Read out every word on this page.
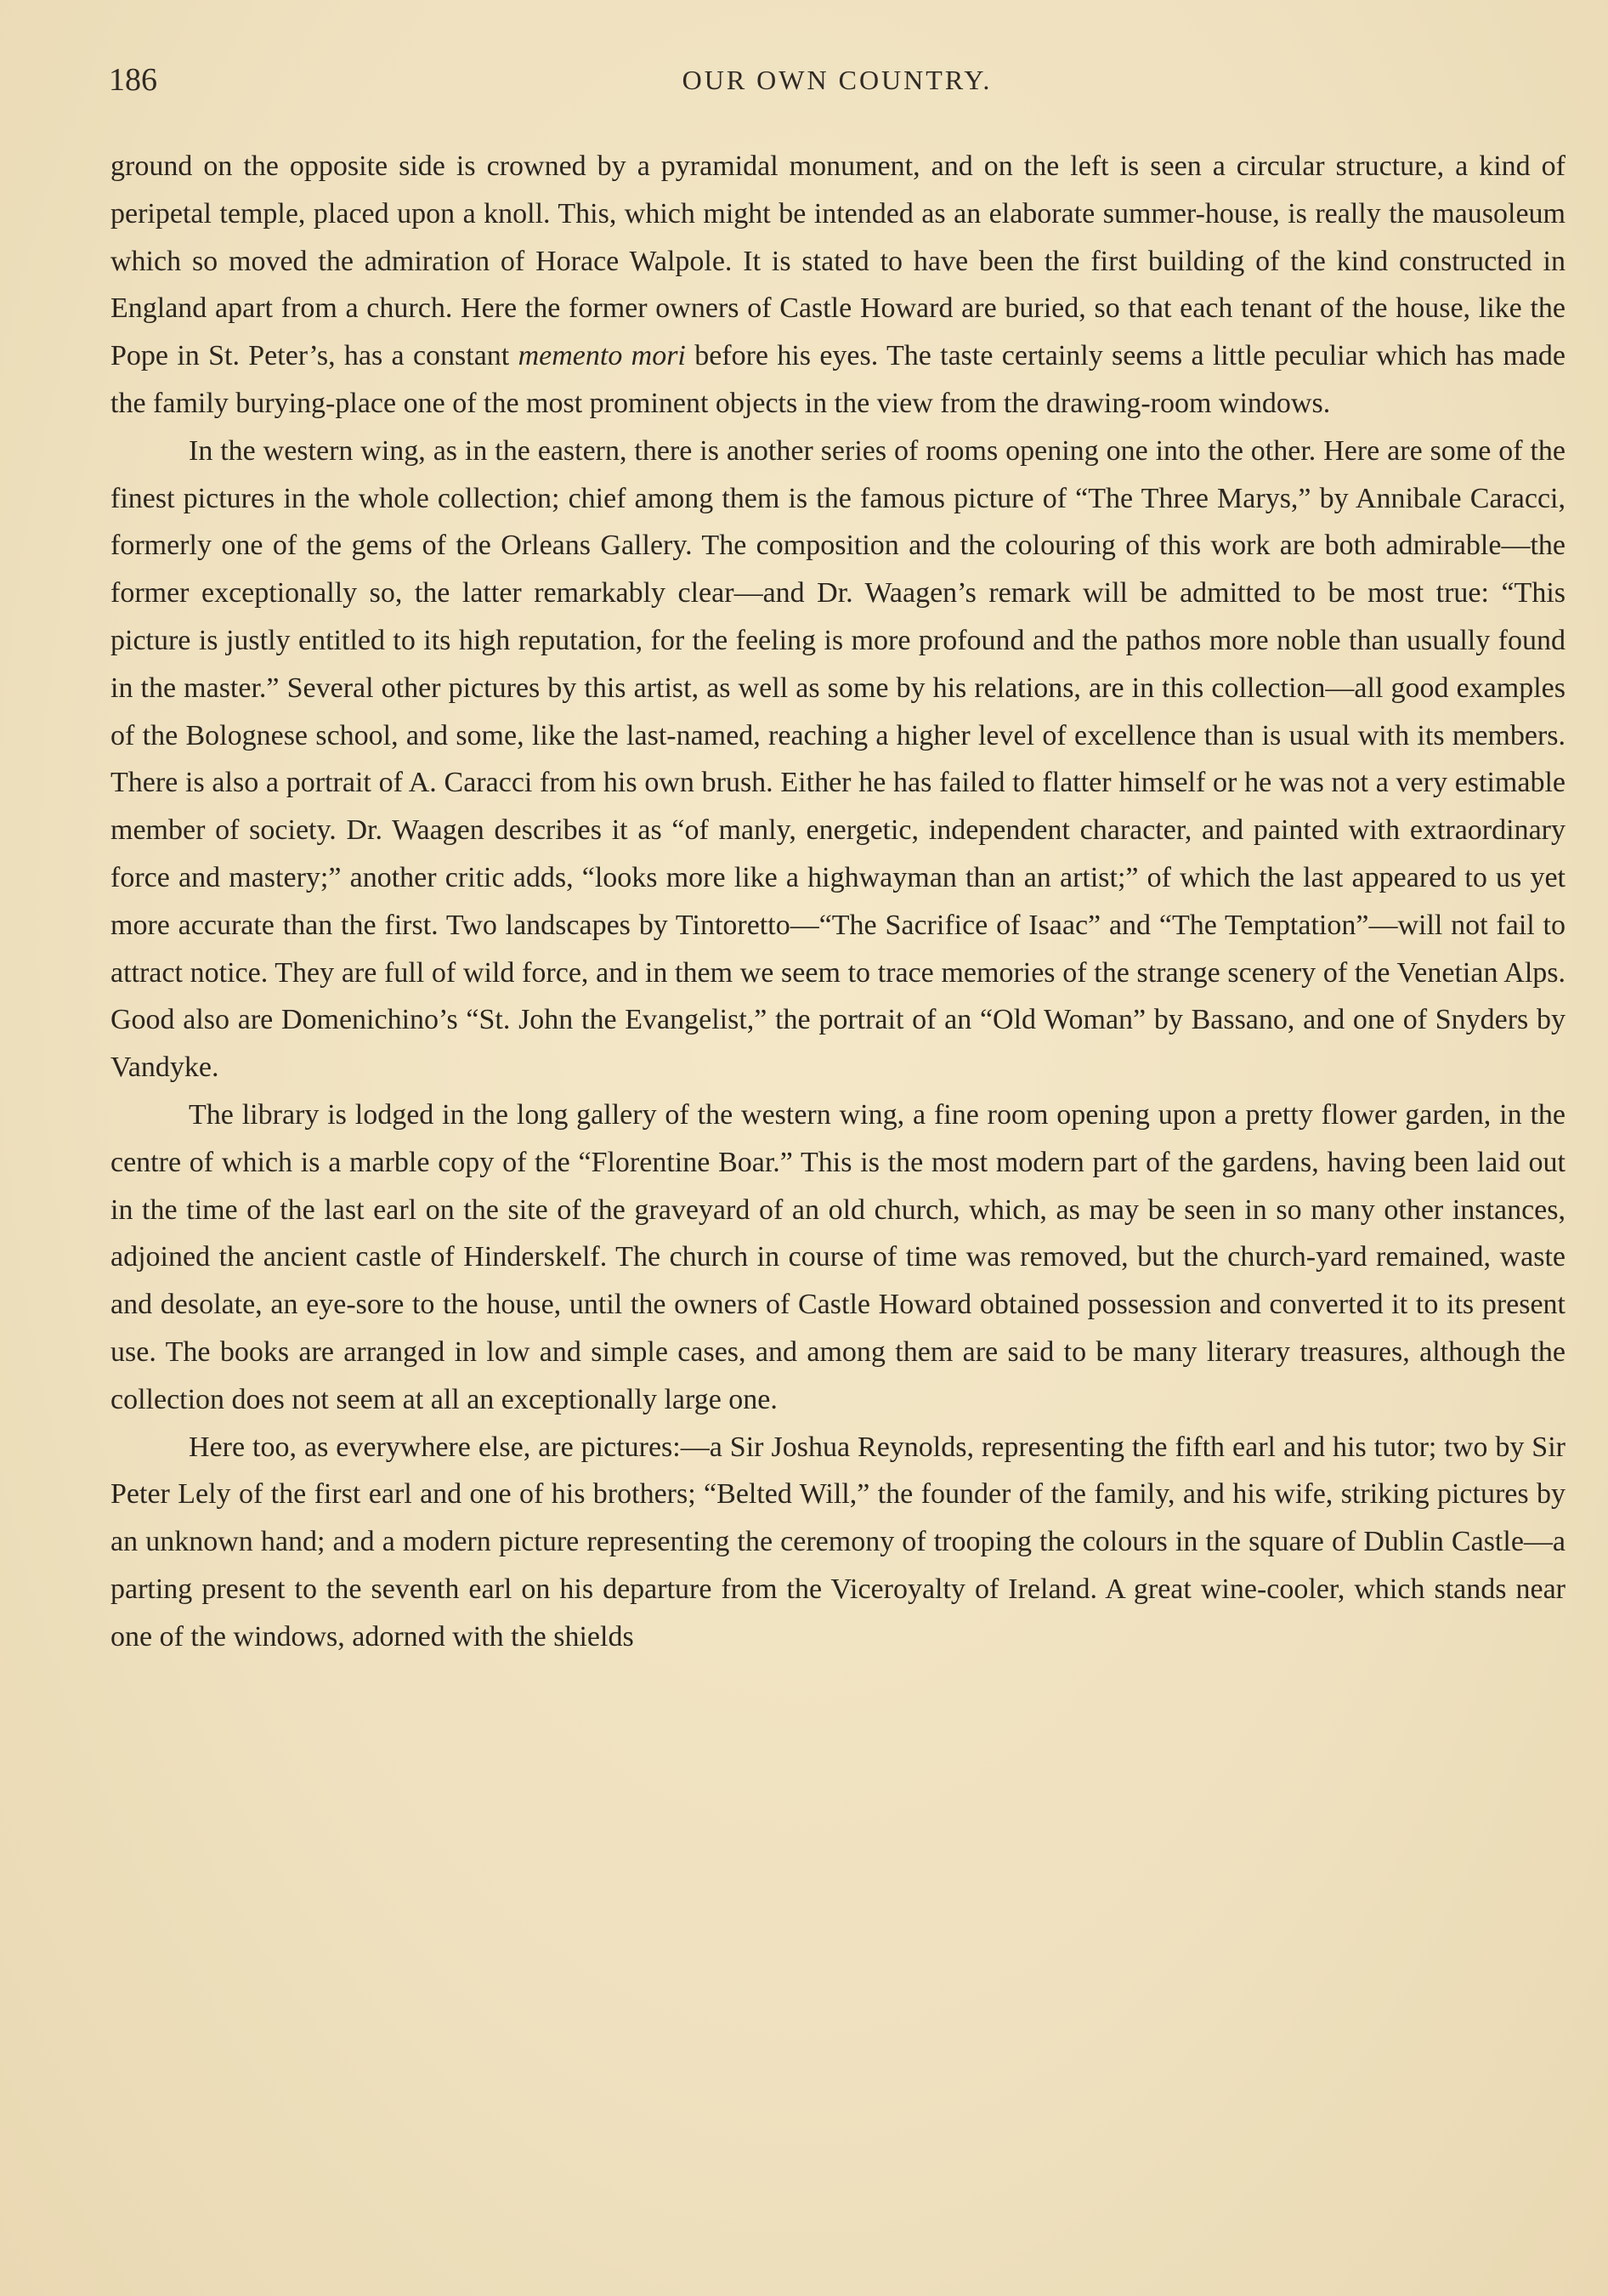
186	OUR OWN COUNTRY.

ground on the opposite side is crowned by a pyramidal monument, and on the left is seen a circular structure, a kind of peripetal temple, placed upon a knoll. This, which might be intended as an elaborate summer-house, is really the mausoleum which so moved the admiration of Horace Walpole. It is stated to have been the first building of the kind constructed in England apart from a church. Here the former owners of Castle Howard are buried, so that each tenant of the house, like the Pope in St. Peter’s, has a constant memento mori before his eyes. The taste certainly seems a little peculiar which has made the family burying-place one of the most prominent objects in the view from the drawing-room windows.

In the western wing, as in the eastern, there is another series of rooms opening one into the other. Here are some of the finest pictures in the whole collection; chief among them is the famous picture of “The Three Marys,” by Annibale Caracci, formerly one of the gems of the Orleans Gallery. The composition and the colouring of this work are both admirable—the former exceptionally so, the latter remarkably clear—and Dr. Waagen’s remark will be admitted to be most true: “This picture is justly entitled to its high reputation, for the feeling is more profound and the pathos more noble than usually found in the master.” Several other pictures by this artist, as well as some by his relations, are in this collection—all good examples of the Bolognese school, and some, like the last-named, reaching a higher level of excellence than is usual with its members. There is also a portrait of A. Caracci from his own brush. Either he has failed to flatter himself or he was not a very estimable member of society. Dr. Waagen describes it as “of manly, energetic, independent character, and painted with extraordinary force and mastery;” another critic adds, “looks more like a highwayman than an artist;” of which the last appeared to us yet more accurate than the first. Two landscapes by Tintoretto—“The Sacrifice of Isaac” and “The Temptation”—will not fail to attract notice. They are full of wild force, and in them we seem to trace memories of the strange scenery of the Venetian Alps. Good also are Domenichino’s “St. John the Evangelist,” the portrait of an “Old Woman” by Bassano, and one of Snyders by Vandyke.

The library is lodged in the long gallery of the western wing, a fine room opening upon a pretty flower garden, in the centre of which is a marble copy of the “Florentine Boar.” This is the most modern part of the gardens, having been laid out in the time of the last earl on the site of the graveyard of an old church, which, as may be seen in so many other instances, adjoined the ancient castle of Hinderskelf. The church in course of time was removed, but the church-yard remained, waste and desolate, an eye-sore to the house, until the owners of Castle Howard obtained possession and converted it to its present use. The books are arranged in low and simple cases, and among them are said to be many literary treasures, although the collection does not seem at all an exceptionally large one.

Here too, as everywhere else, are pictures:—a Sir Joshua Reynolds, representing the fifth earl and his tutor; two by Sir Peter Lely of the first earl and one of his brothers; “Belted Will,” the founder of the family, and his wife, striking pictures by an unknown hand; and a modern picture representing the ceremony of trooping the colours in the square of Dublin Castle—a parting present to the seventh earl on his departure from the Viceroyalty of Ireland. A great wine-cooler, which stands near one of the windows, adorned with the shields
